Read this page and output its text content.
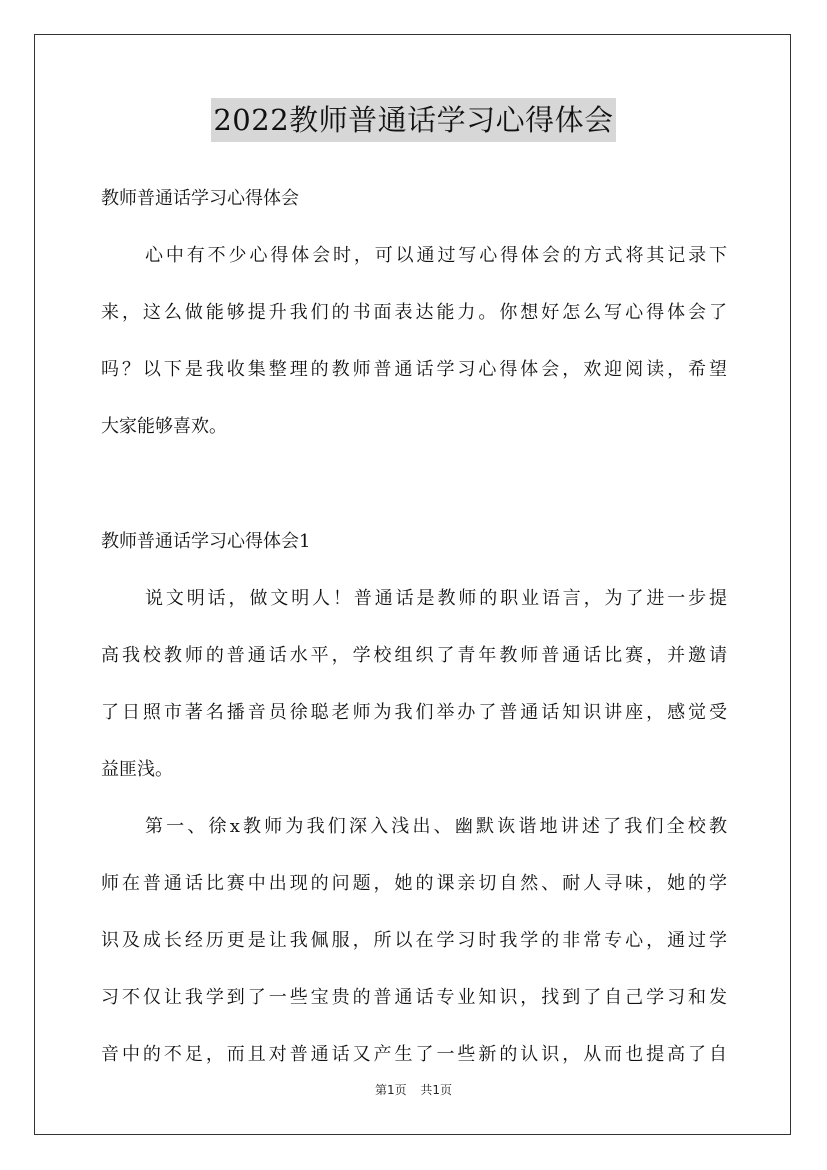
2022教师普通话学习心得体会
教师普通话学习心得体会
心中有不少心得体会时，可以通过写心得体会的方式将其记录下
来，这么做能够提升我们的书面表达能力。你想好怎么写心得体会了
吗？以下是我收集整理的教师普通话学习心得体会，欢迎阅读，希望
大家能够喜欢。
教师普通话学习心得体会1
说文明话，做文明人！普通话是教师的职业语言，为了进一步提
高我校教师的普通话水平，学校组织了青年教师普通话比赛，并邀请
了日照市著名播音员徐聪老师为我们举办了普通话知识讲座，感觉受
益匪浅。
第一、徐x教师为我们深入浅出、幽默诙谐地讲述了我们全校教
师在普通话比赛中出现的问题，她的课亲切自然、耐人寻味，她的学
识及成长经历更是让我佩服，所以在学习时我学的非常专心，通过学
习不仅让我学到了一些宝贵的普通话专业知识，找到了自己学习和发
音中的不足，而且对普通话又产生了一些新的认识，从而也提高了自
第1页 共1页
